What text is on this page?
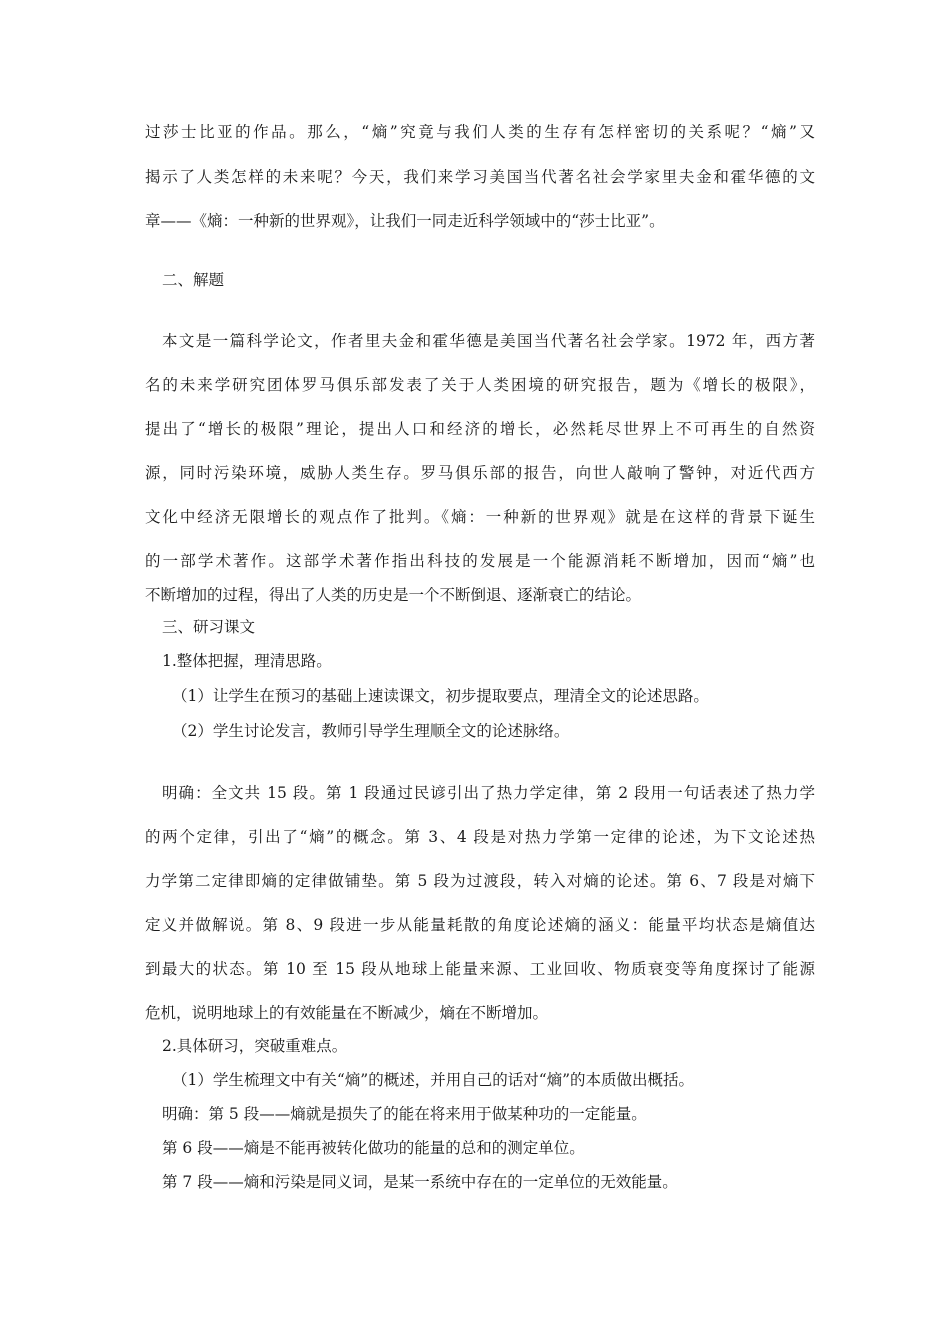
过莎士比亚的作品。那么，“熵”究竟与我们人类的生存有怎样密切的关系呢？“熵”又
揭示了人类怎样的未来呢？今天，我们来学习美国当代著名社会学家里夫金和霍华德的文
章——《熵：一种新的世界观》，让我们一同走近科学领域中的“莎士比亚”。
二、解题
本文是一篇科学论文，作者里夫金和霍华德是美国当代著名社会学家。1972 年，西方著
名的未来学研究团体罗马俱乐部发表了关于人类困境的研究报告，题为《增长的极限》，
提出了“增长的极限”理论，提出人口和经济的增长，必然耗尽世界上不可再生的自然资
源，同时污染环境，威胁人类生存。罗马俱乐部的报告，向世人敲响了警钟，对近代西方
文化中经济无限增长的观点作了批判。《熵：一种新的世界观》就是在这样的背景下诞生
的一部学术著作。这部学术著作指出科技的发展是一个能源消耗不断增加，因而“熵”也
不断增加的过程，得出了人类的历史是一个不断倒退、逐渐衰亡的结论。
三、研习课文
1.整体把握，理清思路。
（1）让学生在预习的基础上速读课文，初步提取要点，理清全文的论述思路。
（2）学生讨论发言，教师引导学生理顺全文的论述脉络。
明确：全文共 15 段。第 1 段通过民谚引出了热力学定律，第 2 段用一句话表述了热力学
的两个定律，引出了“熵”的概念。第 3、4 段是对热力学第一定律的论述，为下文论述热
力学第二定律即熵的定律做铺垫。第 5 段为过渡段，转入对熵的论述。第 6、7 段是对熵下
定义并做解说。第 8、9 段进一步从能量耗散的角度论述熵的涵义：能量平均状态是熵值达
到最大的状态。第 10 至 15 段从地球上能量来源、工业回收、物质衰变等角度探讨了能源
危机，说明地球上的有效能量在不断减少，熵在不断增加。
2.具体研习，突破重难点。
（1）学生梳理文中有关“熵”的概述，并用自己的话对“熵”的本质做出概括。
明确：第 5 段——熵就是损失了的能在将来用于做某种功的一定能量。
第 6 段——熵是不能再被转化做功的能量的总和的测定单位。
第 7 段——熵和污染是同义词，是某一系统中存在的一定单位的无效能量。
